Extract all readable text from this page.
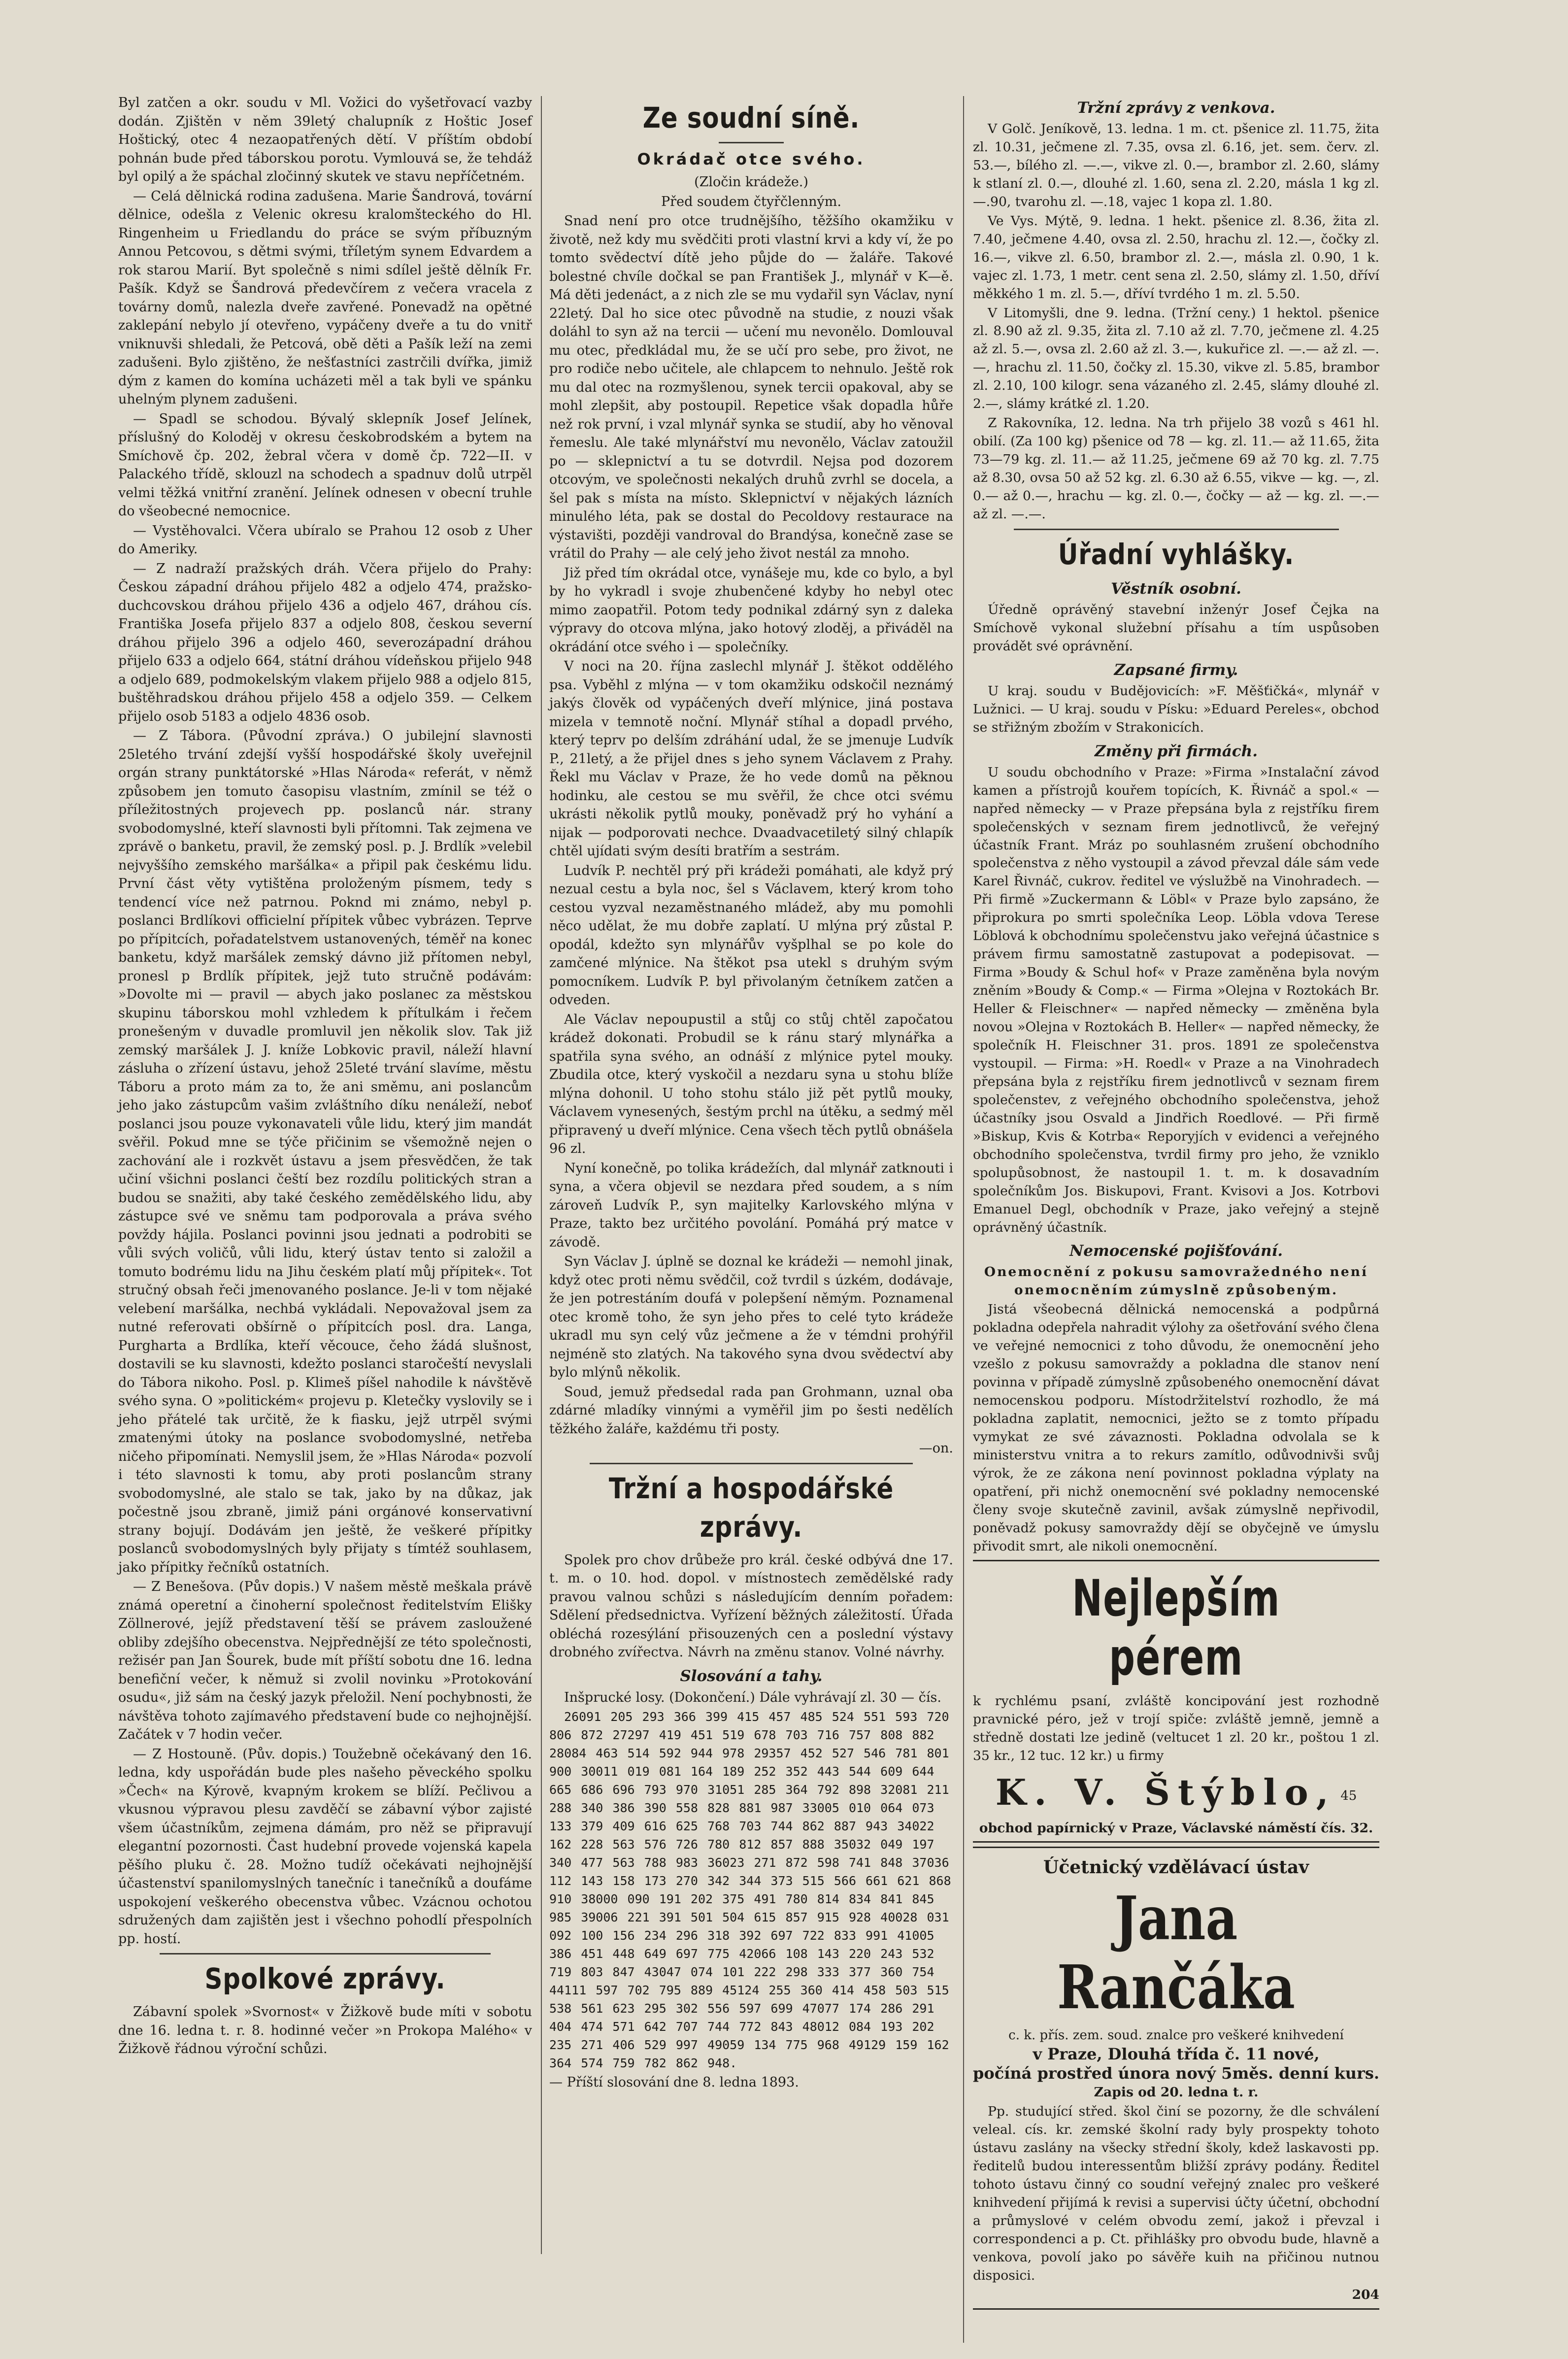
Byl zatčen a okr. soudu v Ml. Vožici do vyšetřovací vazby dodán. Zjištěn v něm 39letý chalupník z Hoštic Josef Hoštický, otec 4 nezaopatřených dětí. V příštím období pohnán bude před táborskou porotu. Vymlouvá se, že tehdáž byl opilý a že spáchal zločinný skutek ve stavu nepříčetném.

— Celá dělnická rodina zadušena. Marie Šandrová, tovární dělnice, odešla z Velenic okresu kralomšteckého do Hl. Ringenheim u Friedlandu do práce se svým příbuzným Annou Petcovou, s dětmi svými, tříletým synem Edvardem a rok starou Marií. Byt společně s nimi sdílel ještě dělník Fr. Pašík. Když se Šandrová předevčírem z večera vracela z továrny domů, nalezla dveře zavřené. Ponevadž na opětné zaklepání nebylo jí otevřeno, vypáčeny dveře a tu do vnitř vniknuvši shledali, že Petcová, obě děti a Pašík leží na zemi zadušeni. Bylo zjištěno, že nešťastníci zastrčili dvířka, jimiž dým z kamen do komína ucházeti měl a tak byli ve spánku uhelným plynem zadušeni.

— Spadl se schodou. Bývalý sklepník Josef Jelínek, příslušný do Koloděj v okresu českobrodském a bytem na Smíchově čp. 202, žebral včera v domě čp. 722—II. v Palackého třídě, sklouzl na schodech a spadnuv dolů utrpěl velmi těžká vnitřní zranění. Jelínek odnesen v obecní truhle do všeobecné nemocnice.

— Vystěhovalci. Včera ubíralo se Prahou 12 osob z Uher do Ameriky.

— Z nadraží pražských dráh. Včera přijelo do Prahy: Českou západní dráhou přijelo 482 a odjelo 474, pražsko-duchcovskou dráhou přijelo 436 a odjelo 467, dráhou cís. Františka Josefa přijelo 837 a odjelo 808, českou severní dráhou přijelo 396 a odjelo 460, severozápadní dráhou přijelo 633 a odjelo 664, státní dráhou vídeňskou přijelo 948 a odjelo 689, podmokelským vlakem přijelo 988 a odjelo 815, buštěhradskou dráhou přijelo 458 a odjelo 359. — Celkem přijelo osob 5183 a odjelo 4836 osob.

— Z Tábora. (Původní zpráva.) O jubilejní slavnosti 25letého trvání zdejší vyšší hospodářské školy uveřejnil orgán strany punktátorské »Hlas Národa« referát, v němž způsobem jen tomuto časopisu vlastním, zmínil se též o příležitostných projevech pp. poslanců nár. strany svobodomyslné, kteří slavnosti byli přítomni. Tak zejmena ve zprávě o banketu, pravil, že zemský posl. p. J. Brdlík »velebil nejvyššího zemského maršálka« a připil pak českému lidu. První část věty vytištěna proloženým písmem, tedy s tendencí více než patrnou. Poknd mi známo, nebyl p. poslanci Brdlíkovi officielní přípitek vůbec vybrázen. Teprve po přípitcích, pořadatelstvem ustanovených, téměř na konec banketu, když maršálek zemský dávno již přítomen nebyl, pronesl p Brdlík přípitek, jejž tuto stručně podávám: »Dovolte mi — pravil — abych jako poslanec za městskou skupinu táborskou mohl vzhledem k přítulkám i řečem pronešeným v duvadle promluvil jen několik slov. Tak již zemský maršálek J. J. kníže Lobkovic pravil, náleží hlavní zásluha o zřízení ústavu, jehož 25leté trvání slavíme, městu Táboru a proto mám za to, že ani směmu, ani poslancům jeho jako zástupcům vašim zvláštního díku nenáleží, neboť poslanci jsou pouze vykonavateli vůle lidu, který jim mandát svěřil. Pokud mne se týče přičinim se všemožně nejen o zachování ale i rozkvět ústavu a jsem přesvědčen, že tak učiní všichni poslanci čeští bez rozdílu politických stran a budou se snažiti, aby také českého zemědělského lidu, aby zástupce své ve sněmu tam podporovala a práva svého povždy hájila. Poslanci povinni jsou jednati a podrobiti se vůli svých voličů, vůli lidu, který ústav tento si založil a tomuto bodrému lidu na Jihu českém platí můj přípitek«. Tot stručný obsah řeči jmenovaného poslance. Je-li v tom nějaké velebení maršálka, nechbá vykládali. Nepovažoval jsem za nutné referovati obšírně o přípitcích posl. dra. Langa, Purgharta a Brdlíka, kteří věcouce, čeho žádá slušnost, dostavili se ku slavnosti, kdežto poslanci staročeští nevyslali do Tábora nikoho. Posl. p. Klimeš píšel nahodile k návštěvě svého syna. O »politickém« projevu p. Kletečky vyslovily se i jeho přátelé tak určitě, že k fiasku, jejž utrpěl svými zmatenými útoky na poslance svobodomyslné, netřeba ničeho připomínati. Nemyslil jsem, že »Hlas Národa« pozvolí i této slavnosti k tomu, aby proti poslancům strany svobodomyslné, ale stalo se tak, jako by na důkaz, jak počestně jsou zbraně, jimiž páni orgánové konservativní strany bojují. Dodávám jen ještě, že veškeré přípitky poslanců svobodomyslných byly přijaty s tímtéž souhlasem, jako přípitky řečníků ostatních.

— Z Benešova. (Pův dopis.) V našem městě meškala právě známá operetní a činoherní společnost ředitelstvím Elišky Zöllnerové, jejíž představení těší se právem zasloužené obliby zdejšího obecenstva. Nejpřednější ze této společnosti, režisér pan Jan Šourek, bude mít příští sobotu dne 16. ledna benefiční večer, k němuž si zvolil novinku »Protokování osudu«, již sám na český jazyk přeložil. Není pochybnosti, že návštěva tohoto zajímavého představení bude co nejhojnější. Začátek v 7 hodin večer.

— Z Hostouně. (Pův. dopis.) Toužebně očekávaný den 16. ledna, kdy uspořádán bude ples našeho pěveckého spolku »Čech« na Kýrově, kvapným krokem se blíží. Pečlivou a vkusnou výpravou plesu zavděčí se zábavní výbor zajisté všem účastníkům, zejmena dámám, pro něž se připravují elegantní pozornosti. Čast hudební provede vojenská kapela pěšího pluku č. 28. Možno tudíž očekávati nejhojnější účastenství spanilomyslných tanečníc i tanečníků a doufáme uspokojení veškerého obecenstva vůbec. Vzácnou ochotou sdružených dam zajištěn jest i všechno pohodlí přespolních pp. hostí.

Spolkové zprávy.

Zábavní spolek »Svornost« v Žižkově bude míti v sobotu dne 16. ledna t. r. 8. hodinné večer »n Prokopa Malého« v Žižkově řádnou výroční schůzi.

Ze soudní síně.
Okrádač otce svého.

(Zločin krádeže.)

Před soudem čtyřčlenným.

Snad není pro otce trudnějšího, těžšího okamžiku v životě, než kdy mu svědčiti proti vlastní krvi a kdy ví, že po tomto svědectví dítě jeho půjde do — žaláře. Takové bolestné chvíle dočkal se pan František J., mlynář v K—ě. Má děti jedenáct, a z nich zle se mu vydařil syn Václav, nyní 22letý. Dal ho sice otec původně na studie, z nouzi však doláhl to syn až na tercii — učení mu nevonělo. Domlouval mu otec, předkládal mu, že se učí pro sebe, pro život, ne pro rodiče nebo učitele, ale chlapcem to nehnulo. Ještě rok mu dal otec na rozmyšlenou, synek tercii opakoval, aby se mohl zlepšit, aby postoupil. Repetice však dopadla hůře než rok první, i vzal mlynář synka se studií, aby ho věnoval řemeslu. Ale také mlynářství mu nevonělo, Václav zatoužil po — sklepnictví a tu se dotvrdil. Nejsa pod dozorem otcovým, ve společnosti nekalých druhů zvrhl se docela, a šel pak s místa na místo. Sklepnictví v nějakých lázních minulého léta, pak se dostal do Pecoldovy restaurace na výstavišti, později vandroval do Brandýsa, konečně zase se vrátil do Prahy — ale celý jeho život nestál za mnoho.

Již před tím okrádal otce, vynášeje mu, kde co bylo, a byl by ho vykradl i svoje zhubenčené kdyby ho nebyl otec mimo zaopatřil. Potom tedy podnikal zdárný syn z daleka výpravy do otcova mlýna, jako hotový zloděj, a přiváděl na okrádání otce svého i — společníky.

V noci na 20. října zaslechl mlynář J. štěkot oddělého psa. Vyběhl z mlýna — v tom okamžiku odskočil neznámý jakýs člověk od vypáčených dveří mlýnice, jiná postava mizela v temnotě noční. Mlynář stíhal a dopadl prvého, který teprv po delším zdráhání udal, že se jmenuje Ludvík P., 21letý, a že přijel dnes s jeho synem Václavem z Prahy. Řekl mu Václav v Praze, že ho vede domů na pěknou hodinku, ale cestou se mu svěřil, že chce otci svému ukrásti několik pytlů mouky, poněvadž prý ho vyhání a nijak — podporovati nechce. Dvaadvacetiletý silný chlapík chtěl ujídati svým desíti bratřím a sestrám.

Ludvík P. nechtěl prý při krádeži pomáhati, ale když prý nezual cestu a byla noc, šel s Václavem, který krom toho cestou vyzval nezaměstnaného mládež, aby mu pomohli něco udělat, že mu dobře zaplatí. U mlýna prý zůstal P. opodál, kdežto syn mlynářův vyšplhal se po kole do zamčené mlýnice. Na štěkot psa utekl s druhým svým pomocníkem. Ludvík P. byl přivolaným četníkem zatčen a odveden.

Ale Václav nepoupustil a stůj co stůj chtěl započatou krádež dokonati. Probudil se k ránu starý mlynářka a spatřila syna svého, an odnáší z mlýnice pytel mouky. Zbudila otce, který vyskočil a nezdaru syna u stohu blíže mlýna dohonil. U toho stohu stálo již pět pytlů mouky, Václavem vynesených, šestým prchl na útěku, a sedmý měl připravený u dveří mlýnice. Cena všech těch pytlů obnášela 96 zl.

Nyní konečně, po tolika krádežích, dal mlynář zatknouti i syna, a včera objevil se nezdara před soudem, a s ním zároveň Ludvík P., syn majitelky Karlovského mlýna v Praze, takto bez určitého povolání. Pomáhá prý matce v závodě.

Syn Václav J. úplně se doznal ke krádeži — nemohl jinak, když otec proti němu svědčil, což tvrdil s úzkém, dodávaje, že jen potrestáním doufá v polepšení němým. Poznamenal otec kromě toho, že syn jeho přes to celé tyto krádeže ukradl mu syn celý vůz ječmene a že v témdni prohýřil nejméně sto zlatých. Na takového syna dvou svědectví aby bylo mlýnů několik.

Soud, jemuž předsedal rada pan Grohmann, uznal oba zdárné mladíky vinnými a vyměřil jim po šesti nedělích těžkého žaláře, každému tři posty.

—on.

Tržní a hospodářské zprávy.

Spolek pro chov drůbeže pro král. české odbývá dne 17. t. m. o 10. hod. dopol. v místnostech zemědělské rady pravou valnou schůzi s následujícím denním pořadem: Sdělení předsednictva. Vyřízení běžných záležitostí. Úřada obléchá rozesýlání přisouzených cen a poslední výstavy drobného zvířectva. Návrh na změnu stanov. Volné návrhy.

Slosování a tahy.

Inšprucké losy. (Dokončení.) Dále vyhrávají zl. 30 — čís.

26091 205 293 366 399 415 457 485 524 551 593 720 806 872 27297 419 451 519 678 703 716 757 808 882 28084 463 514 592 944 978 29357 452 527 546 781 801 900 30011 019 081 164 189 252 352 443 544 609 644 665 686 696 793 970 31051 285 364 792 898 32081 211 288 340 386 390 558 828 881 987 33005 010 064 073 133 379 409 616 625 768 703 744 862 887 943 34022 162 228 563 576 726 780 812 857 888 35032 049 197 340 477 563 788 983 36023 271 872 598 741 848 37036 112 143 158 173 270 342 344 373 515 566 661 621 868 910 38000 090 191 202 375 491 780 814 834 841 845 985 39006 221 391 501 504 615 857 915 928 40028 031 092 100 156 234 296 318 392 697 722 833 991 41005 386 451 448 649 697 775 42066 108 143 220 243 532 719 803 847 43047 074 101 222 298 333 377 360 754 44111 597 702 795 889 45124 255 360 414 458 503 515 538 561 623 295 302 556 597 699 47077 174 286 291 404 474 571 642 707 744 772 843 48012 084 193 202 235 271 406 529 997 49059 134 775 968 49129 159 162 364 574 759 782 862 948.

— Příští slosování dne 8. ledna 1893.

Tržní zprávy z venkova.

V Golč. Jeníkově, 13. ledna. 1 m. ct. pšenice zl. 11.75, žita zl. 10.31, ječmene zl. 7.35, ovsa zl. 6.16, jet. sem. červ. zl. 53.—, bílého zl. —.—, vikve zl. 0.—, brambor zl. 2.60, slámy k stlaní zl. 0.—, dlouhé zl. 1.60, sena zl. 2.20, másla 1 kg zl. —.90, tvarohu zl. —.18, vajec 1 kopa zl. 1.80.

Ve Vys. Mýtě, 9. ledna. 1 hekt. pšenice zl. 8.36, žita zl. 7.40, ječmene 4.40, ovsa zl. 2.50, hrachu zl. 12.—, čočky zl. 16.—, vikve zl. 6.50, brambor zl. 2.—, másla zl. 0.90, 1 k. vajec zl. 1.73, 1 metr. cent sena zl. 2.50, slámy zl. 1.50, dříví měkkého 1 m. zl. 5.—, dříví tvrdého 1 m. zl. 5.50.

V Litomyšli, dne 9. ledna. (Tržní ceny.) 1 hektol. pšenice zl. 8.90 až zl. 9.35, žita zl. 7.10 až zl. 7.70, ječmene zl. 4.25 až zl. 5.—, ovsa zl. 2.60 až zl. 3.—, kukuřice zl. —.— až zl. —.—, hrachu zl. 11.50, čočky zl. 15.30, vikve zl. 5.85, brambor zl. 2.10, 100 kilogr. sena vázaného zl. 2.45, slámy dlouhé zl. 2.—, slámy krátké zl. 1.20.

Z Rakovníka, 12. ledna. Na trh přijelo 38 vozů s 461 hl. obilí. (Za 100 kg) pšenice od 78 — kg. zl. 11.— až 11.65, žita 73—79 kg. zl. 11.— až 11.25, ječmene 69 až 70 kg. zl. 7.75 až 8.30, ovsa 50 až 52 kg. zl. 6.30 až 6.55, vikve — kg. —, zl. 0.— až 0.—, hrachu — kg. zl. 0.—, čočky — až — kg. zl. —.— až zl. —.—.

Úřadní vyhlášky.
Věstník osobní.

Úředně oprávěný stavební inženýr Josef Čejka na Smíchově vykonal služební přísahu a tím uspůsoben provádět své oprávnění.

Zapsané firmy.

U kraj. soudu v Budějovicích: »F. Měšťičká«, mlynář v Lužnici. — U kraj. soudu v Písku: »Eduard Pereles«, obchod se střižným zbožím v Strakonicích.

Změny při firmách.

U soudu obchodního v Praze: »Firma »Instalační závod kamen a přístrojů kouřem topících, K. Řivnáč a spol.« — napřed německy — v Praze přepsána byla z rejstříku firem společenských v seznam firem jednotlivců, že veřejný účastník Frant. Mráz po souhlasném zrušení obchodního společenstva z něho vystoupil a závod převzal dále sám vede Karel Řivnáč, cukrov. ředitel ve výslužbě na Vinohradech. — Při firmě »Zuckermann & Löbl« v Praze bylo zapsáno, že připrokura po smrti společníka Leop. Löbla vdova Terese Löblová k obchodnímu společenstvu jako veřejná účastnice s právem firmu samostatně zastupovat a podepisovat. — Firma »Boudy & Schul hof« v Praze zaměněna byla novým zněním »Boudy & Comp.« — Firma »Olejna v Roztokách Br. Heller & Fleischner« — napřed německy — změněna byla novou »Olejna v Roztokách B. Heller« — napřed německy, že společník H. Fleischner 31. pros. 1891 ze společenstva vystoupil. — Firma: »H. Roedl« v Praze a na Vinohradech přepsána byla z rejstříku firem jednotlivců v seznam firem společenstev, z veřejného obchodního společenstva, jehož účastníky jsou Osvald a Jindřich Roedlové. — Při firmě »Biskup, Kvis & Kotrba« Reporyjích v evidenci a veřejného obchodního společenstva, tvrdil firmy pro jeho, že vzniklo spolupůsobnost, že nastoupil 1. t. m. k dosavadním společníkům Jos. Biskupovi, Frant. Kvisovi a Jos. Kotrbovi Emanuel Degl, obchodník v Praze, jako veřejný a stejně oprávněný účastník.

Nemocenské pojišťování.

Onemocnění z pokusu samovražedného není onemocněním zúmyslně způsobeným.

Jistá všeobecná dělnická nemocenská a podpůrná pokladna odepřela nahradit výlohy za ošetřování svého člena ve veřejné nemocnici z toho důvodu, že onemocnění jeho vzešlo z pokusu samovraždy a pokladna dle stanov není povinna v případě zúmyslně způsobeného onemocnění dávat nemocenskou podporu. Místodržitelství rozhodlo, že má pokladna zaplatit, nemocnici, ježto se z tomto případu vymykat ze své závaznosti. Pokladna odvolala se k ministerstvu vnitra a to rekurs zamítlo, odůvodnivši svůj výrok, že ze zákona není povinnost pokladna výplaty na opatření, při nichž onemocnění své pokladny nemocenské členy svoje skutečně zavinil, avšak zúmyslně nepřivodil, poněvadž pokusy samovraždy dějí se obyčejně ve úmyslu přivodit smrt, ale nikoli onemocnění.

Nejlepším pérem

k rychlému psaní, zvláště koncipování jest rozhodně pravnické péro, jež v trojí spiče: zvláště jemně, jemně a středně dostati lze jedině (veltucet 1 zl. 20 kr., poštou 1 zl. 35 kr., 12 tuc. 12 kr.) u firmy

K. V. Štýblo, $^{45}$

obchod papírnický v Praze, Václavské náměstí čís. 32.

Účetnický vzdělávací ústav
Jana Rančáka

c. k. přís. zem. soud. znalce pro veškeré knihvedení

v Praze, Dlouhá třída č. 11 nové,

počíná prostřed února nový 5měs. denní kurs.

Zapis od 20. ledna t. r.

Pp. studující střed. škol činí se pozorny, že dle schválení veleal. cís. kr. zemské školní rady byly prospekty tohoto ústavu zaslány na všecky střední školy, kdež laskavosti pp. ředitelů budou interessentům bližší zprávy podány. Ředitel tohoto ústavu činný co soudní veřejný znalec pro veškeré knihvedení přijímá k revisi a supervisi účty účetní, obchodní a průmyslové v celém obvodu zemí, jakož i převzal i correspondenci a p. Ct. přihlášky pro obvodu bude, hlavně a venkova, povolí jako po sávěře kuih na přičinou nutnou disposici.

204
